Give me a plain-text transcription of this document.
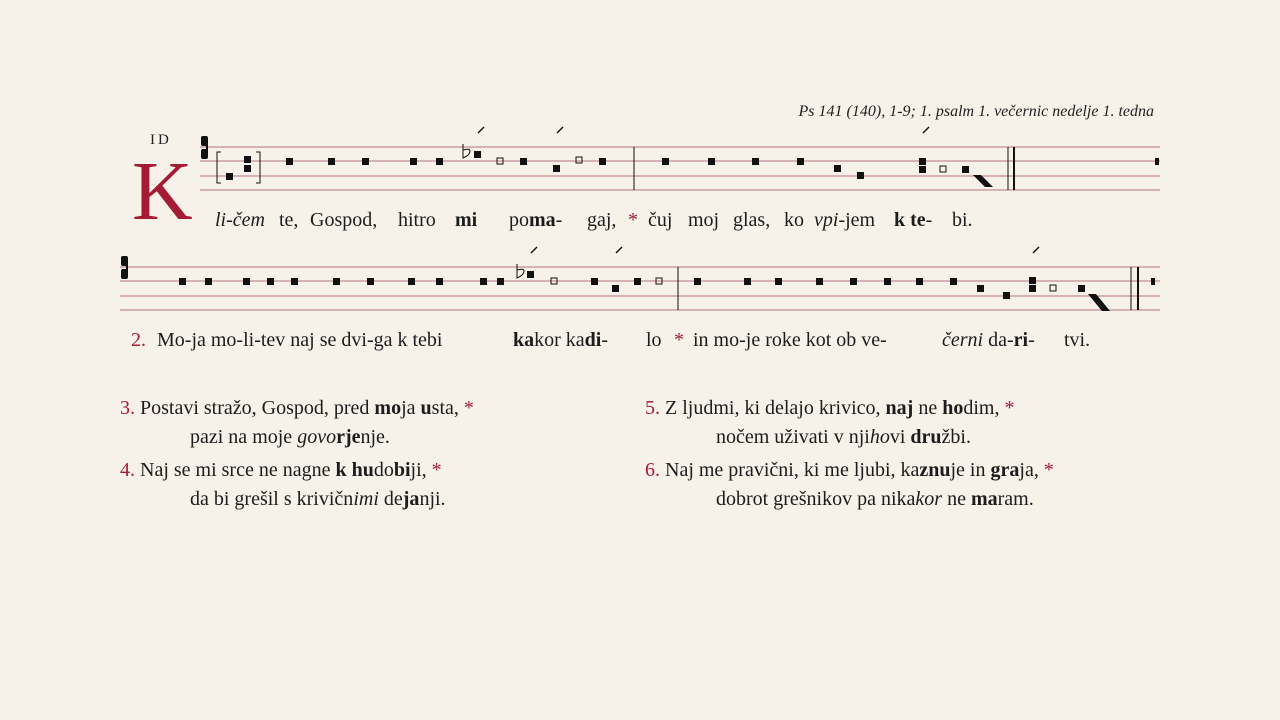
Ps 141 (140), 1-9; 1. psalm 1. večernic nedelje 1. tedna
ID
K li-čem te, Gospod, hitro mi poma- gaj, * čuj moj glas, ko vpi-jem k te- bi.
2. Mo-ja mo-li-tev naj se dvi-ga k tebi	kakor kadi- lo * in mo-je roke kot ob ve-	černi da-ri- tvi.
3. Postavi stražo, Gospod, pred moja usta, *
pazi na moje govorjenje.
4. Naj se mi srce ne nagne k hudobiji, *
da bi grešil s krivičnimi dejanji.
5. Z ljudmi, ki delajo krivico, naj ne hodim, *
nočem uživati v njihovi družbi.
6. Naj me pravični, ki me ljubi, kaznuje in graja, *
dobrot grešnikov pa nikakor ne maram.
